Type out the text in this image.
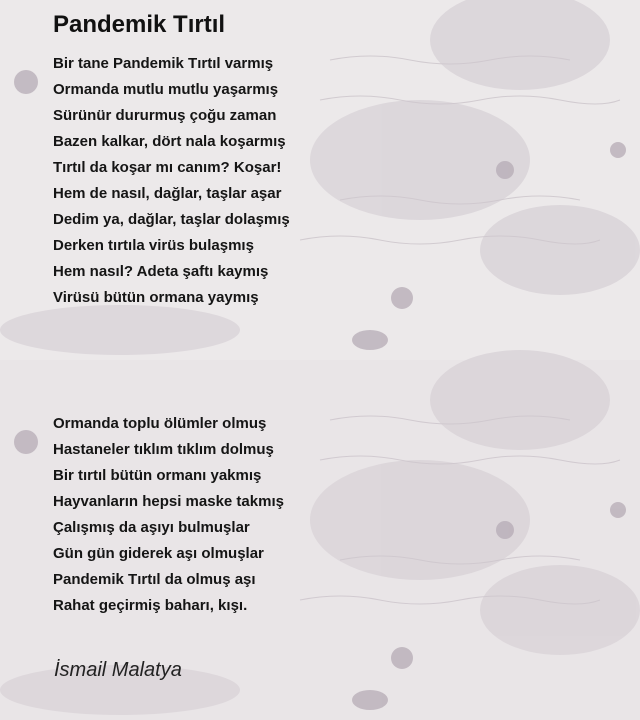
Pandemik Tırtıl
Bir tane Pandemik Tırtıl varmış
Ormanda mutlu mutlu yaşarmış
Sürünür dururmuş çoğu zaman
Bazen kalkar, dört nala koşarmış
Tırtıl da koşar mı canım? Koşar!
Hem de nasıl, dağlar, taşlar aşar
Dedim ya, dağlar, taşlar dolaşmış
Derken tırtıla virüs bulaşmış
Hem nasıl? Adeta şaftı kaymış
Virüsü bütün ormana yaymış
Ormanda toplu ölümler olmuş
Hastaneler tıklım tıklım dolmuş
Bir tırtıl bütün ormanı yakmış
Hayvanların hepsi maske takmış
Çalışmış da aşıyı bulmuşlar
Gün gün giderek aşı olmuşlar
Pandemik Tırtıl da olmuş aşı
Rahat geçirmiş baharı, kışı.
İsmail Malatya
